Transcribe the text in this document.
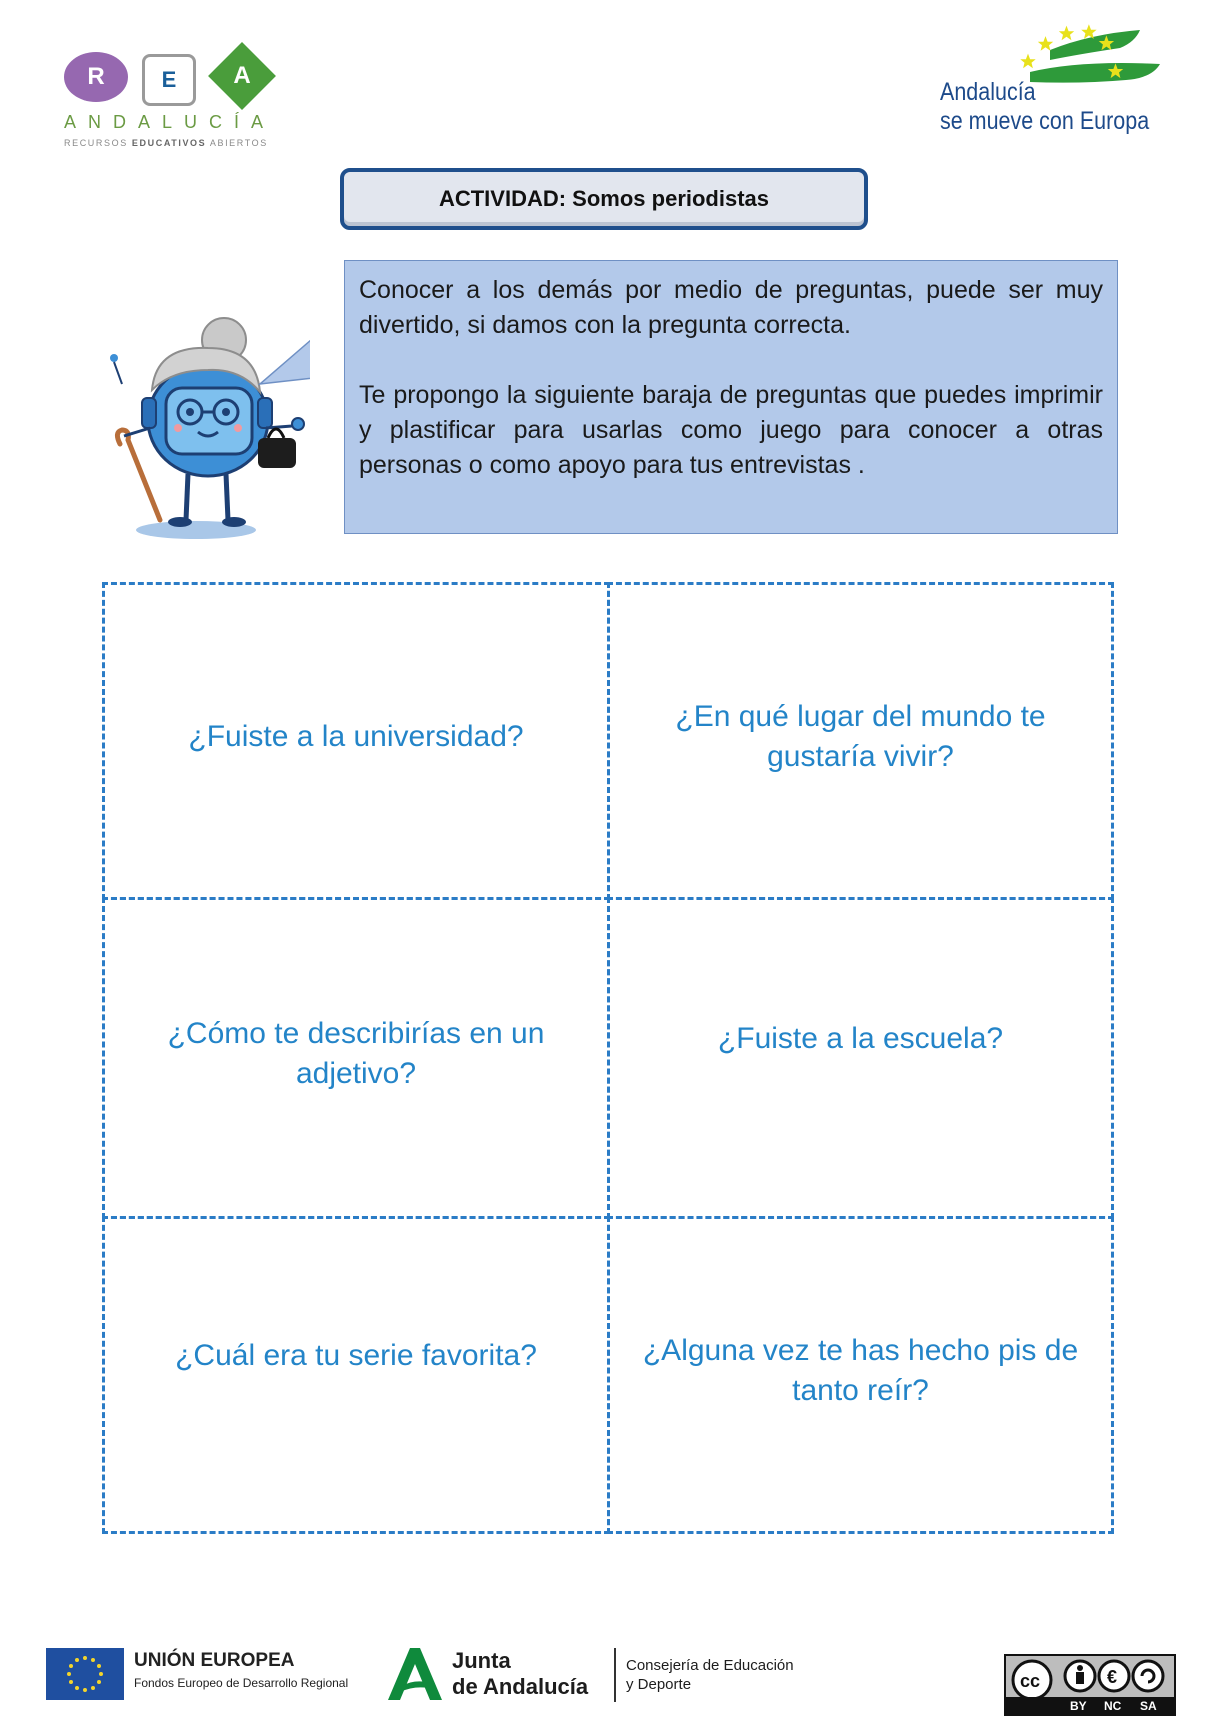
R	E	A
ANDALUCÍA
RECURSOS EDUCATIVOS ABIERTOS
Andalucía
se mueve con Europa
ACTIVIDAD: Somos periodistas

Conocer a los demás por medio de preguntas, puede ser muy divertido, si damos con la pregunta correcta.

Te propongo la siguiente baraja de preguntas que puedes imprimir y plastificar para usarlas como juego para conocer a otras personas o como apoyo para tus entrevistas .

¿Fuiste a la universidad?
¿En qué lugar del mundo te gustaría vivir?
¿Cómo te describirías en un adjetivo?
¿Fuiste a la escuela?
¿Cuál era tu serie favorita?	¿Alguna vez te has hecho pis de tanto reír?
UNIÓN EUROPEA
Fondos Europeo de Desarrollo Regional
Junta
de Andalucía
Consejería de Educación
y Deporte	cc	€
BY NC SA
